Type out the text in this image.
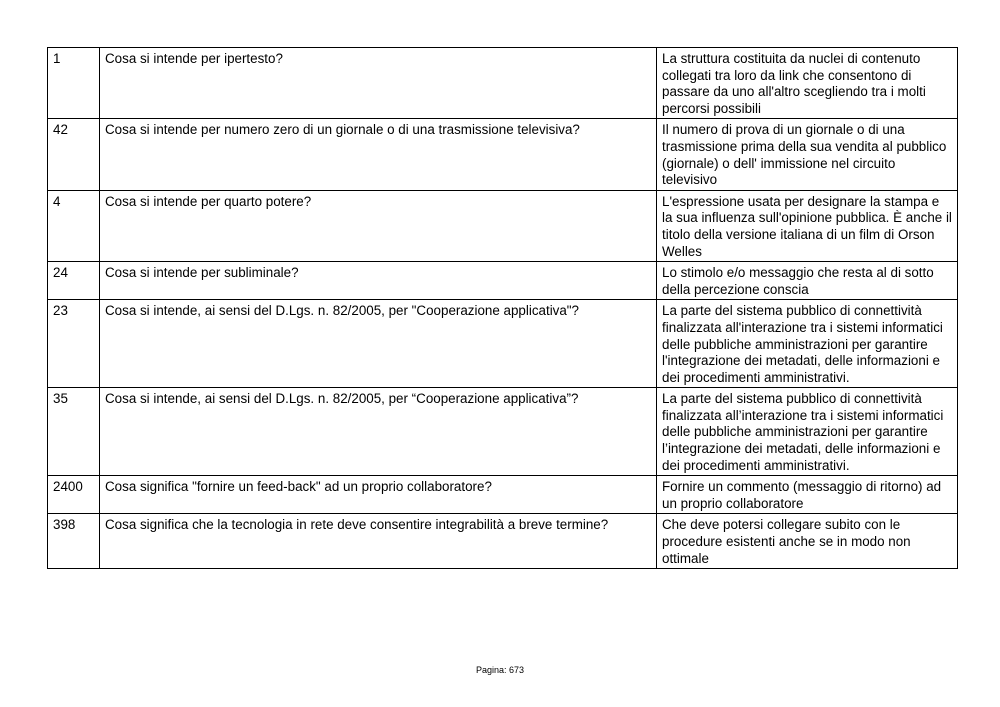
1	Cosa si intende per ipertesto?	La struttura costituita da nuclei di contenuto collegati tra loro da link che consentono di passare da uno all'altro scegliendo tra i molti percorsi possibili
42	Cosa si intende per numero zero di un giornale o di una trasmissione televisiva?	Il numero di prova di un giornale o di una trasmissione prima della sua vendita al pubblico (giornale) o dell' immissione nel circuito televisivo
4	Cosa si intende per quarto potere?	L'espressione usata per designare la stampa e la sua influenza sull'opinione pubblica. È anche il titolo della versione italiana di un film di Orson Welles
24	Cosa si intende per subliminale?	Lo stimolo e/o messaggio che resta al di sotto della percezione conscia
23	Cosa si intende, ai sensi del D.Lgs. n. 82/2005, per "Cooperazione applicativa"?	La parte del sistema pubblico di connettività finalizzata all'interazione tra i sistemi informatici delle pubbliche amministrazioni per garantire l'integrazione dei metadati, delle informazioni e dei procedimenti amministrativi.
35	Cosa si intende, ai sensi del D.Lgs. n. 82/2005, per “Cooperazione applicativa”?	La parte del sistema pubblico di connettività finalizzata all’interazione tra i sistemi informatici delle pubbliche amministrazioni per garantire l’integrazione dei metadati, delle informazioni e dei procedimenti amministrativi.
2400	Cosa significa "fornire un feed-back" ad un proprio collaboratore?	Fornire un commento (messaggio di ritorno) ad un proprio collaboratore
398	Cosa significa che la tecnologia in rete deve consentire integrabilità a breve termine?	Che deve potersi collegare subito con le procedure esistenti anche se in modo non ottimale
Pagina: 673
